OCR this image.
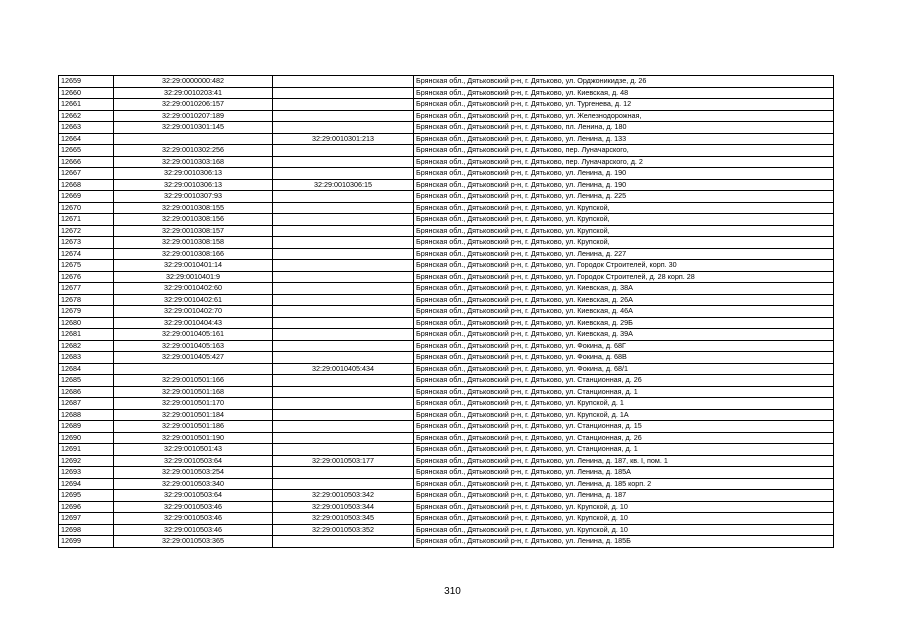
12659	32:29:0000000:482		Брянская обл., Дятьковский р-н, г. Дятьково, ул. Орджоникидзе, д. 26
12660	32:29:0010203:41		Брянская обл., Дятьковский р-н, г. Дятьково, ул. Киевская, д. 48
12661	32:29:0010206:157		Брянская обл., Дятьковский р-н, г. Дятьково, ул. Тургенева, д. 12
12662	32:29:0010207:189		Брянская обл., Дятьковский р-н, г. Дятьково, ул. Железнодорожная,
12663	32:29:0010301:145		Брянская обл., Дятьковский р-н, г. Дятьково, пл. Ленина, д. 180
12664		32:29:0010301:213	Брянская обл., Дятьковский р-н, г. Дятьково, ул. Ленина, д. 133
12665	32:29:0010302:256		Брянская обл., Дятьковский р-н, г. Дятьково, пер. Луначарского,
12666	32:29:0010303:168		Брянская обл., Дятьковский р-н, г. Дятьково, пер. Луначарского, д. 2
12667	32:29:0010306:13		Брянская обл., Дятьковский р-н, г. Дятьково, ул. Ленина, д. 190
12668	32:29:0010306:13	32:29:0010306:15	Брянская обл., Дятьковский р-н, г. Дятьково, ул. Ленина, д. 190
12669	32:29:0010307:93		Брянская обл., Дятьковский р-н, г. Дятьково, ул. Ленина, д. 225
12670	32:29:0010308:155		Брянская обл., Дятьковский р-н, г. Дятьково, ул. Крупской,
12671	32:29:0010308:156		Брянская обл., Дятьковский р-н, г. Дятьково, ул. Крупской,
12672	32:29:0010308:157		Брянская обл., Дятьковский р-н, г. Дятьково, ул. Крупской,
12673	32:29:0010308:158		Брянская обл., Дятьковский р-н, г. Дятьково, ул. Крупской,
12674	32:29:0010308:166		Брянская обл., Дятьковский р-н, г. Дятьково, ул. Ленина, д. 227
12675	32:29:0010401:14		Брянская обл., Дятьковский р-н, г. Дятьково, ул. Городок Строителей, корп. 30
12676	32:29:0010401:9		Брянская обл., Дятьковский р-н, г. Дятьково, ул. Городок Строителей, д. 28 корп. 28
12677	32:29:0010402:60		Брянская обл., Дятьковский р-н, г. Дятьково, ул. Киевская, д. 38А
12678	32:29:0010402:61		Брянская обл., Дятьковский р-н, г. Дятьково, ул. Киевская, д. 26А
12679	32:29:0010402:70		Брянская обл., Дятьковский р-н, г. Дятьково, ул. Киевская, д. 46А
12680	32:29:0010404:43		Брянская обл., Дятьковский р-н, г. Дятьково, ул. Киевская, д. 29Б
12681	32:29:0010405:161		Брянская обл., Дятьковский р-н, г. Дятьково, ул. Киевская, д. 39А
12682	32:29:0010405:163		Брянская обл., Дятьковский р-н, г. Дятьково, ул. Фокина, д. 68Г
12683	32:29:0010405:427		Брянская обл., Дятьковский р-н, г. Дятьково, ул. Фокина, д. 68В
12684		32:29:0010405:434	Брянская обл., Дятьковский р-н, г. Дятьково, ул. Фокина, д. 68/1
12685	32:29:0010501:166		Брянская обл., Дятьковский р-н, г. Дятьково, ул. Станционная, д. 26
12686	32:29:0010501:168		Брянская обл., Дятьковский р-н, г. Дятьково, ул. Станционная, д. 1
12687	32:29:0010501:170		Брянская обл., Дятьковский р-н, г. Дятьково, ул. Крупской, д. 1
12688	32:29:0010501:184		Брянская обл., Дятьковский р-н, г. Дятьково, ул. Крупской, д. 1А
12689	32:29:0010501:186		Брянская обл., Дятьковский р-н, г. Дятьково, ул. Станционная, д. 15
12690	32:29:0010501:190		Брянская обл., Дятьковский р-н, г. Дятьково, ул. Станционная, д. 26
12691	32:29:0010501:43		Брянская обл., Дятьковский р-н, г. Дятьково, ул. Станционная, д. 1
12692	32:29:0010503:64	32:29:0010503:177	Брянская обл., Дятьковский р-н, г. Дятьково, ул. Ленина, д. 187, кв. I, пом. 1
12693	32:29:0010503:254		Брянская обл., Дятьковский р-н, г. Дятьково, ул. Ленина, д. 185А
12694	32:29:0010503:340		Брянская обл., Дятьковский р-н, г. Дятьково, ул. Ленина, д. 185 корп. 2
12695	32:29:0010503:64	32:29:0010503:342	Брянская обл., Дятьковский р-н, г. Дятьково, ул. Ленина, д. 187
12696	32:29:0010503:46	32:29:0010503:344	Брянская обл., Дятьковский р-н, г. Дятьково, ул. Крупской, д. 10
12697	32:29:0010503:46	32:29:0010503:345	Брянская обл., Дятьковский р-н, г. Дятьково, ул. Крупской, д. 10
12698	32:29:0010503:46	32:29:0010503:352	Брянская обл., Дятьковский р-н, г. Дятьково, ул. Крупской, д. 10
12699	32:29:0010503:365		Брянская обл., Дятьковский р-н, г. Дятьково, ул. Ленина, д. 185Б
310
